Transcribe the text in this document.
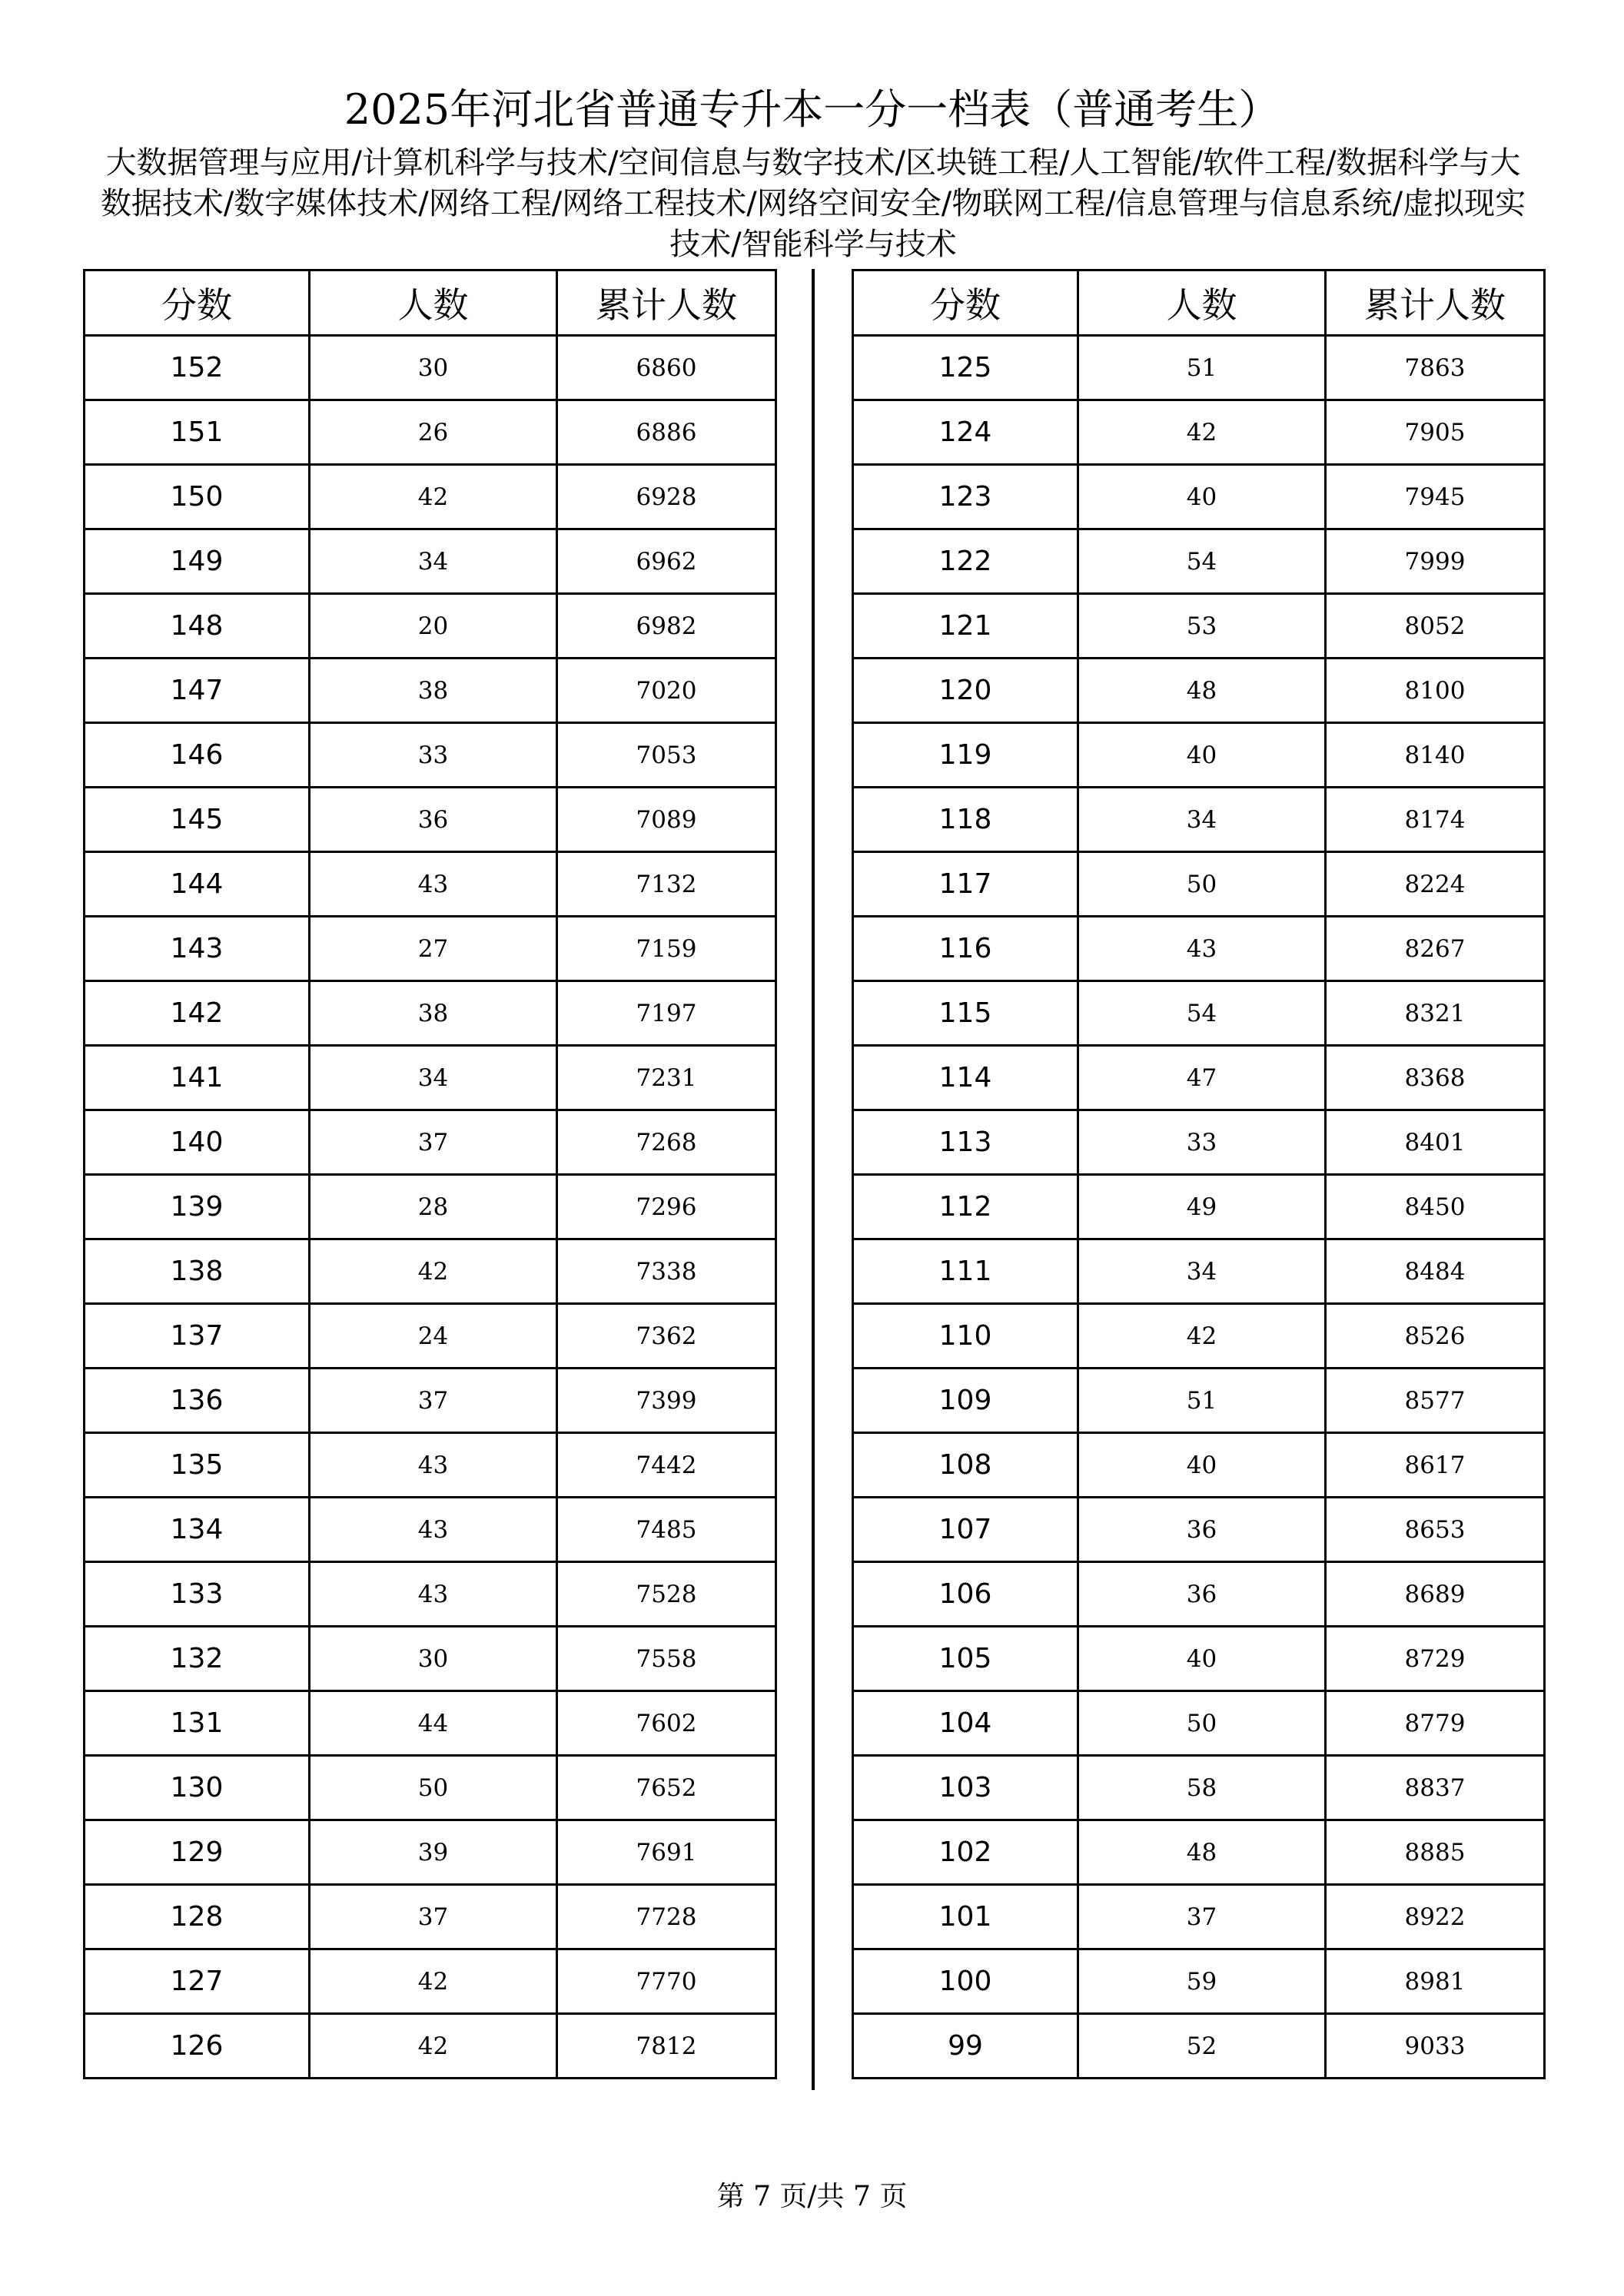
2025年河北省普通专升本一分一档表（普通考生）
大数据管理与应用/计算机科学与技术/空间信息与数字技术/区块链工程/人工智能/软件工程/数据科学与大数据技术/数字媒体技术/网络工程/网络工程技术/网络空间安全/物联网工程/信息管理与信息系统/虚拟现实技术/智能科学与技术
分数	人数	累计人数
152	30	6860
151	26	6886
150	42	6928
149	34	6962
148	20	6982
147	38	7020
146	33	7053
145	36	7089
144	43	7132
143	27	7159
142	38	7197
141	34	7231
140	37	7268
139	28	7296
138	42	7338
137	24	7362
136	37	7399
135	43	7442
134	43	7485
133	43	7528
132	30	7558
131	44	7602
130	50	7652
129	39	7691
128	37	7728
127	42	7770
126	42	7812
分数	人数	累计人数
125	51	7863
124	42	7905
123	40	7945
122	54	7999
121	53	8052
120	48	8100
119	40	8140
118	34	8174
117	50	8224
116	43	8267
115	54	8321
114	47	8368
113	33	8401
112	49	8450
111	34	8484
110	42	8526
109	51	8577
108	40	8617
107	36	8653
106	36	8689
105	40	8729
104	50	8779
103	58	8837
102	48	8885
101	37	8922
100	59	8981
99	52	9033
第 7 页/共 7 页
